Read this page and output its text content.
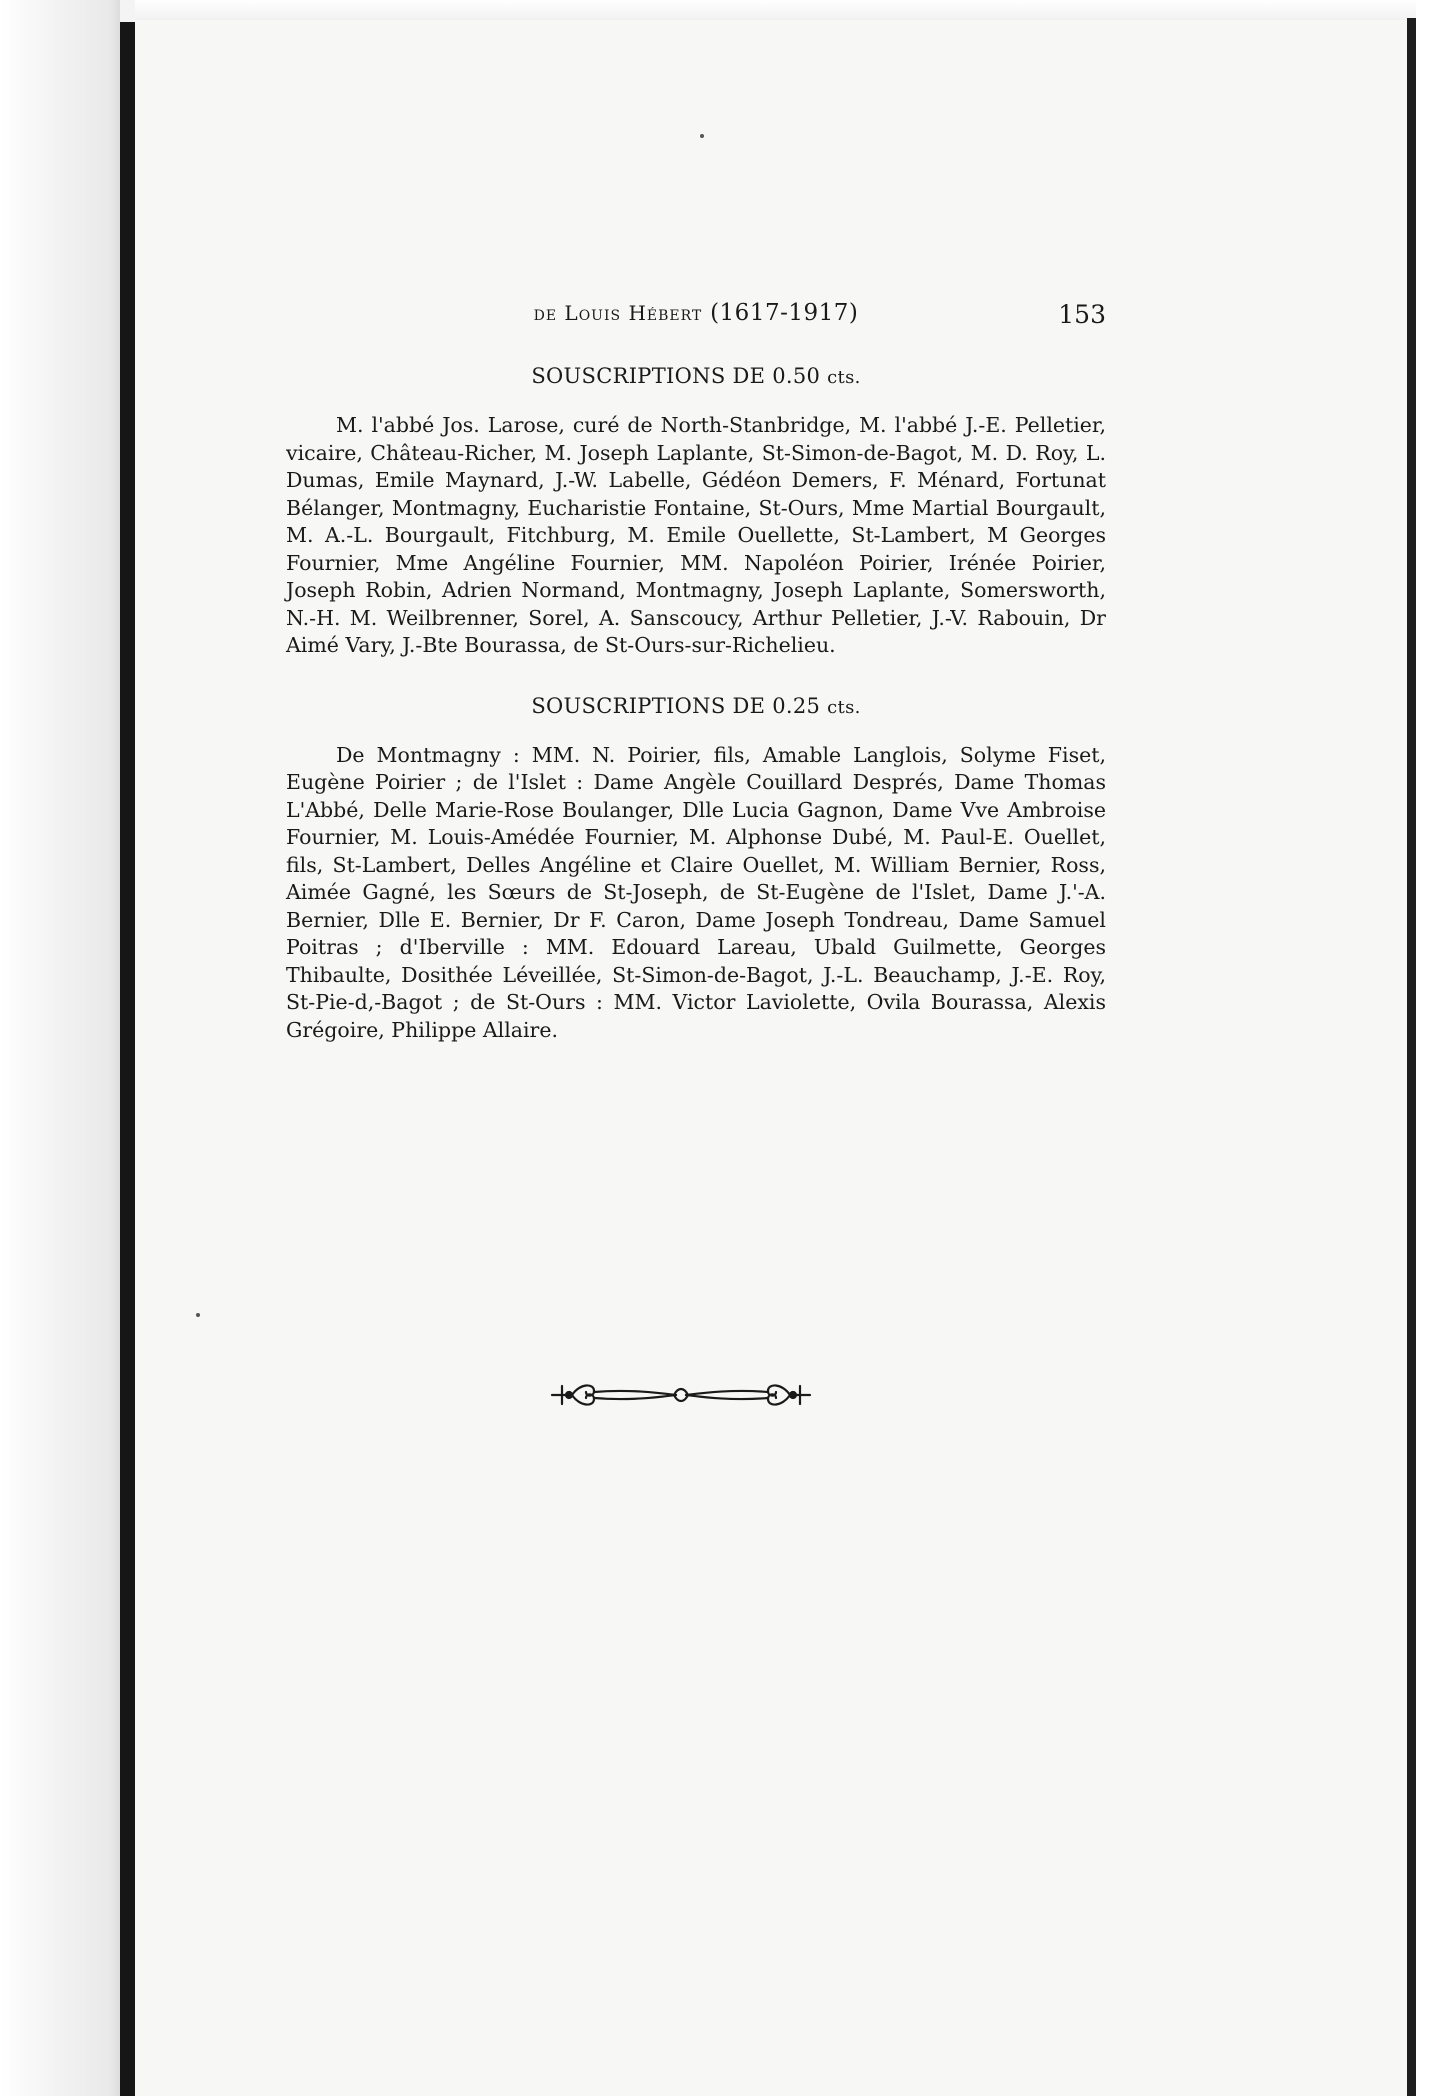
de Louis Hébert (1617-1917)	153
SOUSCRIPTIONS DE 0.50 cts.

M. l'abbé Jos. Larose, curé de North-Stanbridge, M. l'abbé J.-E. Pelletier, vicaire, Château-Richer, M. Joseph Laplante, St-Simon-de-Bagot, M. D. Roy, L. Dumas, Emile Maynard, J.-W. Labelle, Gédéon Demers, F. Ménard, Fortunat Bélanger, Montmagny, Eucharistie Fontaine, St-Ours, Mme Martial Bourgault, M. A.-L. Bourgault, Fitchburg, M. Emile Ouellette, St-Lambert, M Georges Fournier, Mme Angéline Fournier, MM. Napoléon Poirier, Irénée Poirier, Joseph Robin, Adrien Normand, Montmagny, Joseph Laplante, Somersworth, N.-H. M. Weilbrenner, Sorel, A. Sanscoucy, Arthur Pelletier, J.-V. Rabouin, Dr Aimé Vary, J.-Bte Bourassa, de St-Ours-sur-Richelieu.

SOUSCRIPTIONS DE 0.25 cts.

De Montmagny : MM. N. Poirier, fils, Amable Langlois, Solyme Fiset, Eugène Poirier ; de l'Islet : Dame Angèle Couillard Després, Dame Thomas L'Abbé, Delle Marie-Rose Boulanger, Dlle Lucia Gagnon, Dame Vve Ambroise Fournier, M. Louis-Amédée Fournier, M. Alphonse Dubé, M. Paul-E. Ouellet, fils, St-Lambert, Delles Angéline et Claire Ouellet, M. William Bernier, Ross, Aimée Gagné, les Sœurs de St-Joseph, de St-Eugène de l'Islet, Dame J.'-A. Bernier, Dlle E. Bernier, Dr F. Caron, Dame Joseph Tondreau, Dame Samuel Poitras ; d'Iberville : MM. Edouard Lareau, Ubald Guilmette, Georges Thibaulte, Dosithée Léveillée, St-Simon-de-Bagot, J.-L. Beauchamp, J.-E. Roy, St-Pie-d,-Bagot ; de St-Ours : MM. Victor Laviolette, Ovila Bourassa, Alexis Grégoire, Philippe Allaire.
